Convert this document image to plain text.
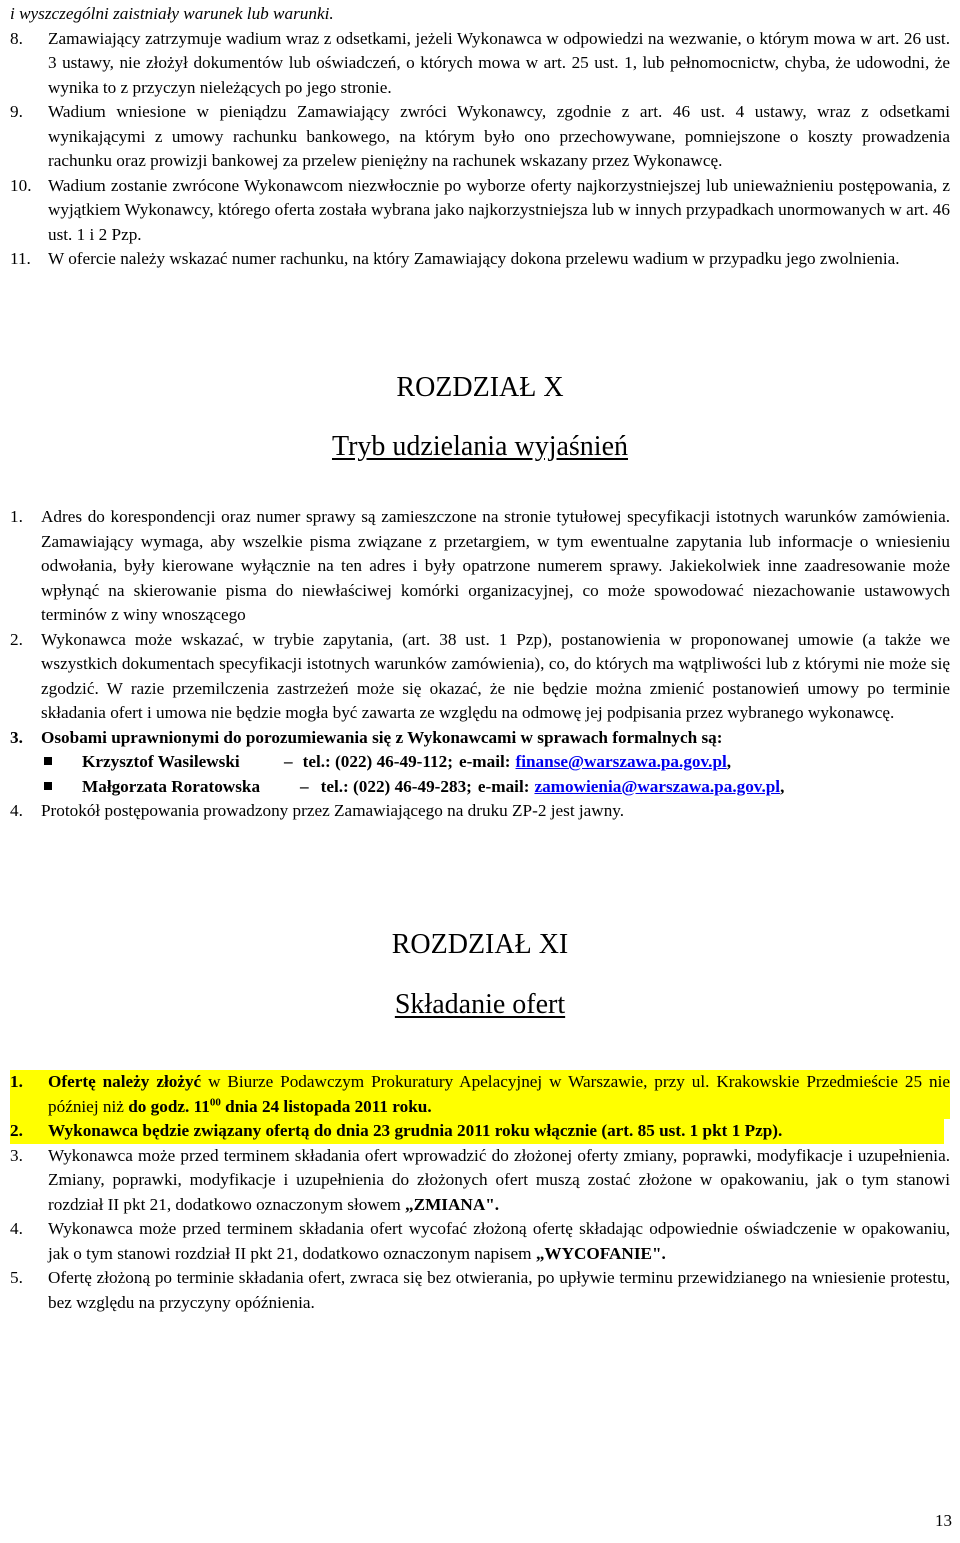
i wyszczególni zaistniały warunek lub warunki.
8.	Zamawiający zatrzymuje wadium wraz z odsetkami, jeżeli Wykonawca w odpowiedzi na wezwanie, o którym mowa w art. 26 ust. 3 ustawy, nie złożył dokumentów lub oświadczeń, o których mowa w art. 25 ust. 1, lub pełnomocnictw, chyba, że udowodni, że wynika to z przyczyn nieleżących po jego stronie.
9.	Wadium wniesione w pieniądzu Zamawiający zwróci Wykonawcy, zgodnie z art. 46 ust. 4 ustawy, wraz z odsetkami wynikającymi z umowy rachunku bankowego, na którym było ono przechowywane, pomniejszone o koszty prowadzenia rachunku oraz prowizji bankowej za przelew pieniężny na rachunek wskazany przez Wykonawcę.
10. Wadium zostanie zwrócone Wykonawcom niezwłocznie po wyborze oferty najkorzystniejszej lub unieważnieniu postępowania, z wyjątkiem Wykonawcy, którego oferta została wybrana jako najkorzystniejsza lub w innych przypadkach unormowanych w art. 46 ust. 1 i 2 Pzp.
11. W ofercie należy wskazać numer rachunku, na który Zamawiający dokona przelewu wadium w przypadku jego zwolnienia.
ROZDZIAŁ X
Tryb udzielania wyjaśnień
1.	Adres do korespondencji oraz numer sprawy są zamieszczone na stronie tytułowej specyfikacji istotnych warunków zamówienia. Zamawiający wymaga, aby wszelkie pisma związane z przetargiem, w tym ewentualne zapytania lub informacje o wniesieniu odwołania, były kierowane wyłącznie na ten adres i były opatrzone numerem sprawy. Jakiekolwiek inne zaadresowanie może wpłynąć na skierowanie pisma do niewłaściwej komórki organizacyjnej, co może spowodować niezachowanie ustawowych terminów z winy wnoszącego
2.	Wykonawca może wskazać, w trybie zapytania, (art. 38 ust. 1 Pzp), postanowienia w proponowanej umowie (a także we wszystkich dokumentach specyfikacji istotnych warunków zamówienia), co, do których ma wątpliwości lub z którymi nie może się zgodzić. W razie przemilczenia zastrzeżeń może się okazać, że nie będzie można zmienić postanowień umowy po terminie składania ofert i umowa nie będzie mogła być zawarta ze względu na odmowę jej podpisania przez wybranego wykonawcę.
3.	Osobami uprawnionymi do porozumiewania się z Wykonawcami w sprawach formalnych są:
Krzysztof Wasilewski	– tel.: (022) 46-49-112; e-mail: finanse@warszawa.pa.gov.pl ,
Małgorzata Roratowska	– tel.: (022) 46-49-283; e-mail: zamowienia@warszawa.pa.gov.pl ,
4.	Protokół postępowania prowadzony przez Zamawiającego na druku ZP-2 jest jawny.
ROZDZIAŁ XI
Składanie ofert
1.	Ofertę należy złożyć w Biurze Podawczym Prokuratury Apelacyjnej w Warszawie, przy ul. Krakowskie Przedmieście 25 nie później niż do godz. $11^{00}$ dnia 24 listopada 2011 roku.
2.	Wykonawca będzie związany ofertą do dnia 23 grudnia 2011 roku włącznie (art. 85 ust. 1 pkt 1 Pzp).
3.	Wykonawca może przed terminem składania ofert wprowadzić do złożonej oferty zmiany, poprawki, modyfikacje i uzupełnienia. Zmiany, poprawki, modyfikacje i uzupełnienia do złożonych ofert muszą zostać złożone w opakowaniu, jak o tym stanowi rozdział II pkt 21, dodatkowo oznaczonym słowem „ZMIANA".
4.	Wykonawca może przed terminem składania ofert wycofać złożoną ofertę składając odpowiednie oświadczenie w opakowaniu, jak o tym stanowi rozdział II pkt 21, dodatkowo oznaczonym napisem „WYCOFANIE".
5.	Ofertę złożoną po terminie składania ofert, zwraca się bez otwierania, po upływie terminu przewidzianego na wniesienie protestu, bez względu na przyczyny opóźnienia.
13
